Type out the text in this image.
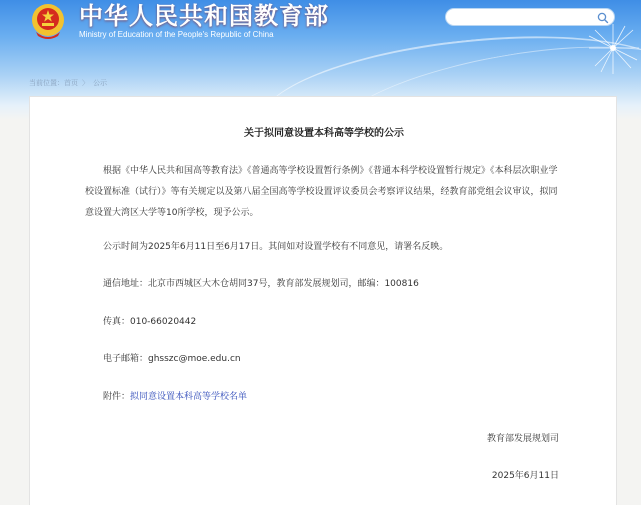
中华人民共和国教育部
Ministry of Education of the People's Republic of China
当前位置：首页 〉 公示
关于拟同意设置本科高等学校的公示
根据《中华人民共和国高等教育法》《普通高等学校设置暂行条例》《普通本科学校设置暂行规定》《本科层次职业学校设置标准（试行）》等有关规定以及第八届全国高等学校设置评议委员会考察评议结果，经教育部党组会议审议，拟同意设置大湾区大学等10所学校，现予公示。
公示时间为2025年6月11日至6月17日。其间如对设置学校有不同意见，请署名反映。
通信地址：北京市西城区大木仓胡同37号，教育部发展规划司，邮编：100816
传真：010-66020442
电子邮箱：ghsszc@moe.edu.cn
附件：拟同意设置本科高等学校名单
教育部发展规划司
2025年6月11日
